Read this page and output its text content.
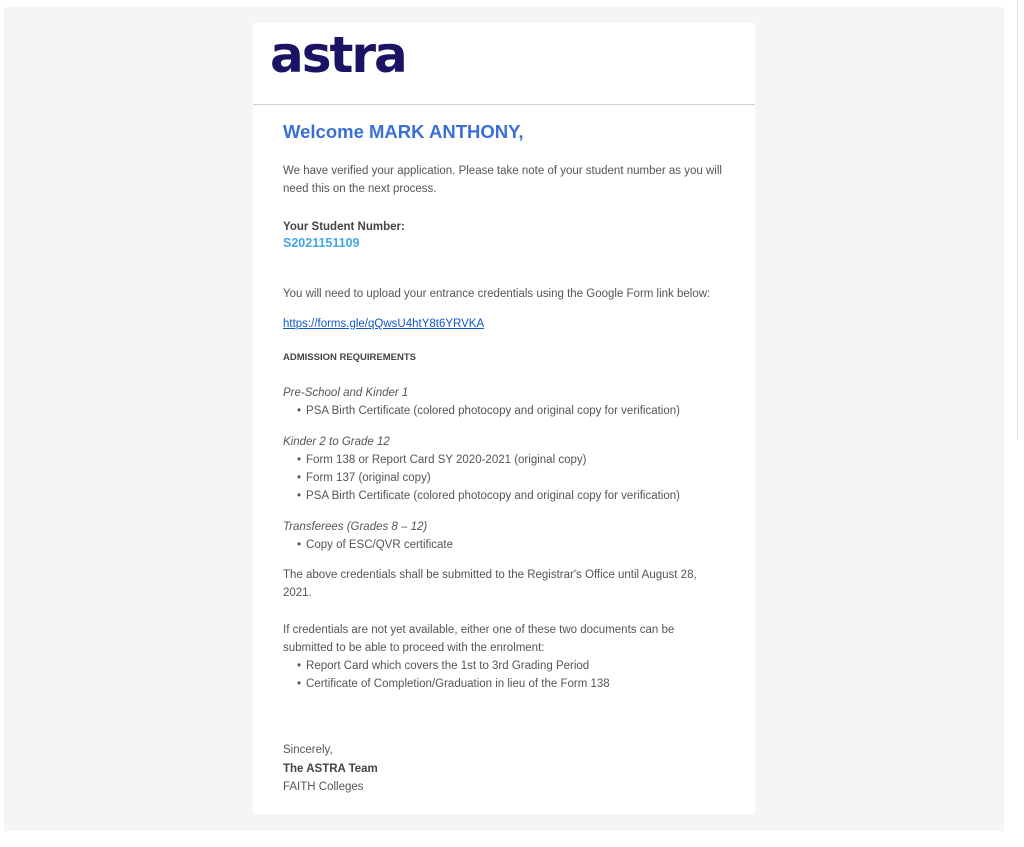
astra
Welcome MARK ANTHONY,
We have verified your application. Please take note of your student number as you will need this on the next process.
Your Student Number:
S2021151109
You will need to upload your entrance credentials using the Google Form link below:
https://forms.gle/qQwsU4htY8t6YRVKA
ADMISSION REQUIREMENTS
Pre-School and Kinder 1
• PSA Birth Certificate (colored photocopy and original copy for verification)
Kinder 2 to Grade 12
• Form 138 or Report Card SY 2020-2021 (original copy)
• Form 137 (original copy)
• PSA Birth Certificate (colored photocopy and original copy for verification)
Transferees (Grades 8 – 12)
• Copy of ESC/QVR certificate
The above credentials shall be submitted to the Registrar's Office until August 28, 2021.
If credentials are not yet available, either one of these two documents can be submitted to be able to proceed with the enrolment:
• Report Card which covers the 1st to 3rd Grading Period
• Certificate of Completion/Graduation in lieu of the Form 138
Sincerely,
The ASTRA Team
FAITH Colleges
